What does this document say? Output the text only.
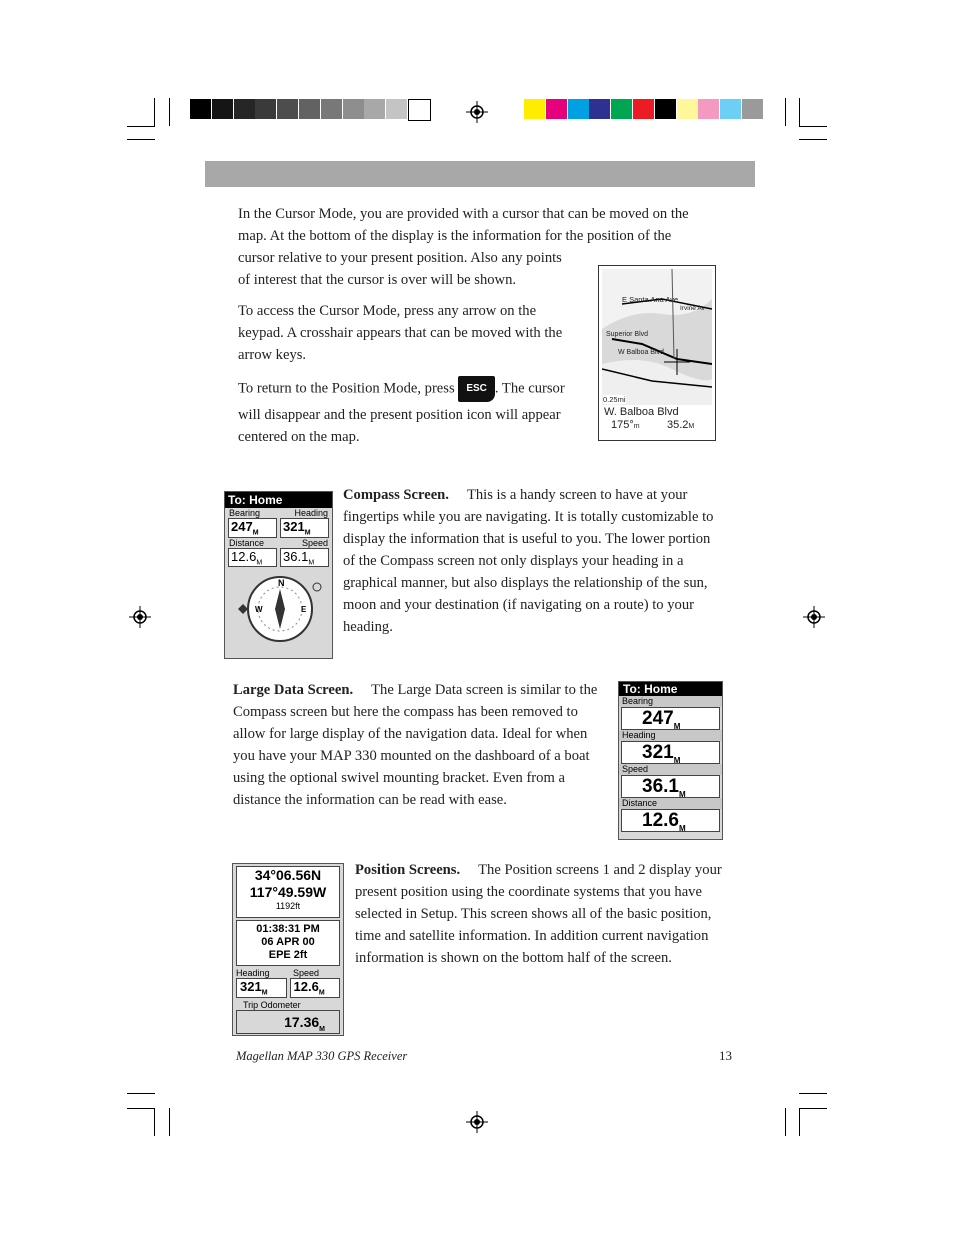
In the Cursor Mode, you are provided with a cursor that can be moved on the

map. At the bottom of the display is the information for the position of the

cursor relative to your present position. Also any points

of interest that the cursor is over will be shown.

To access the Cursor Mode, press any arrow on the

keypad. A crosshair appears that can be moved with the

arrow keys.

To return to the Position Mode, press ESC . The cursor

will disappear and the present position icon will appear

centered on the map.

E Santa Ana Ave
Irvine Av
Superior Blvd
W Balboa Blvd
0.25mi
W. Balboa Blvd
175°m 35.2M
To: Home
Bearing	Heading
$247_M$	$321_M$
Distance	Speed
$12.6_M$	$36.1_M$
N
W	E

Compass Screen. This is a handy screen to have at your

fingertips while you are navigating. It is totally customizable to

display the information that is useful to you. The lower portion

of the Compass screen not only displays your heading in a

graphical manner, but also displays the relationship of the sun,

moon and your destination (if navigating on a route) to your

heading.

Large Data Screen. The Large Data screen is similar to the

Compass screen but here the compass has been removed to

allow for large display of the navigation data. Ideal for when

you have your MAP 330 mounted on the dashboard of a boat

using the optional swivel mounting bracket. Even from a

distance the information can be read with ease.

To: Home
Bearing
$247_M$
Heading
$321_M$
Speed
$36.1_M$
Distance
$12.6_M$
34°06.56N
117°49.59W
1192ft
01:38:31 PM
06 APR 00
EPE 2ft
Heading	Speed
$321_M$	$12.6_M$
Trip Odometer
$17.36_M$

Position Screens. The Position screens 1 and 2 display your

present position using the coordinate systems that you have

selected in Setup. This screen shows all of the basic position,

time and satellite information. In addition current navigation

information is shown on the bottom half of the screen.

Magellan MAP 330 GPS Receiver	13
